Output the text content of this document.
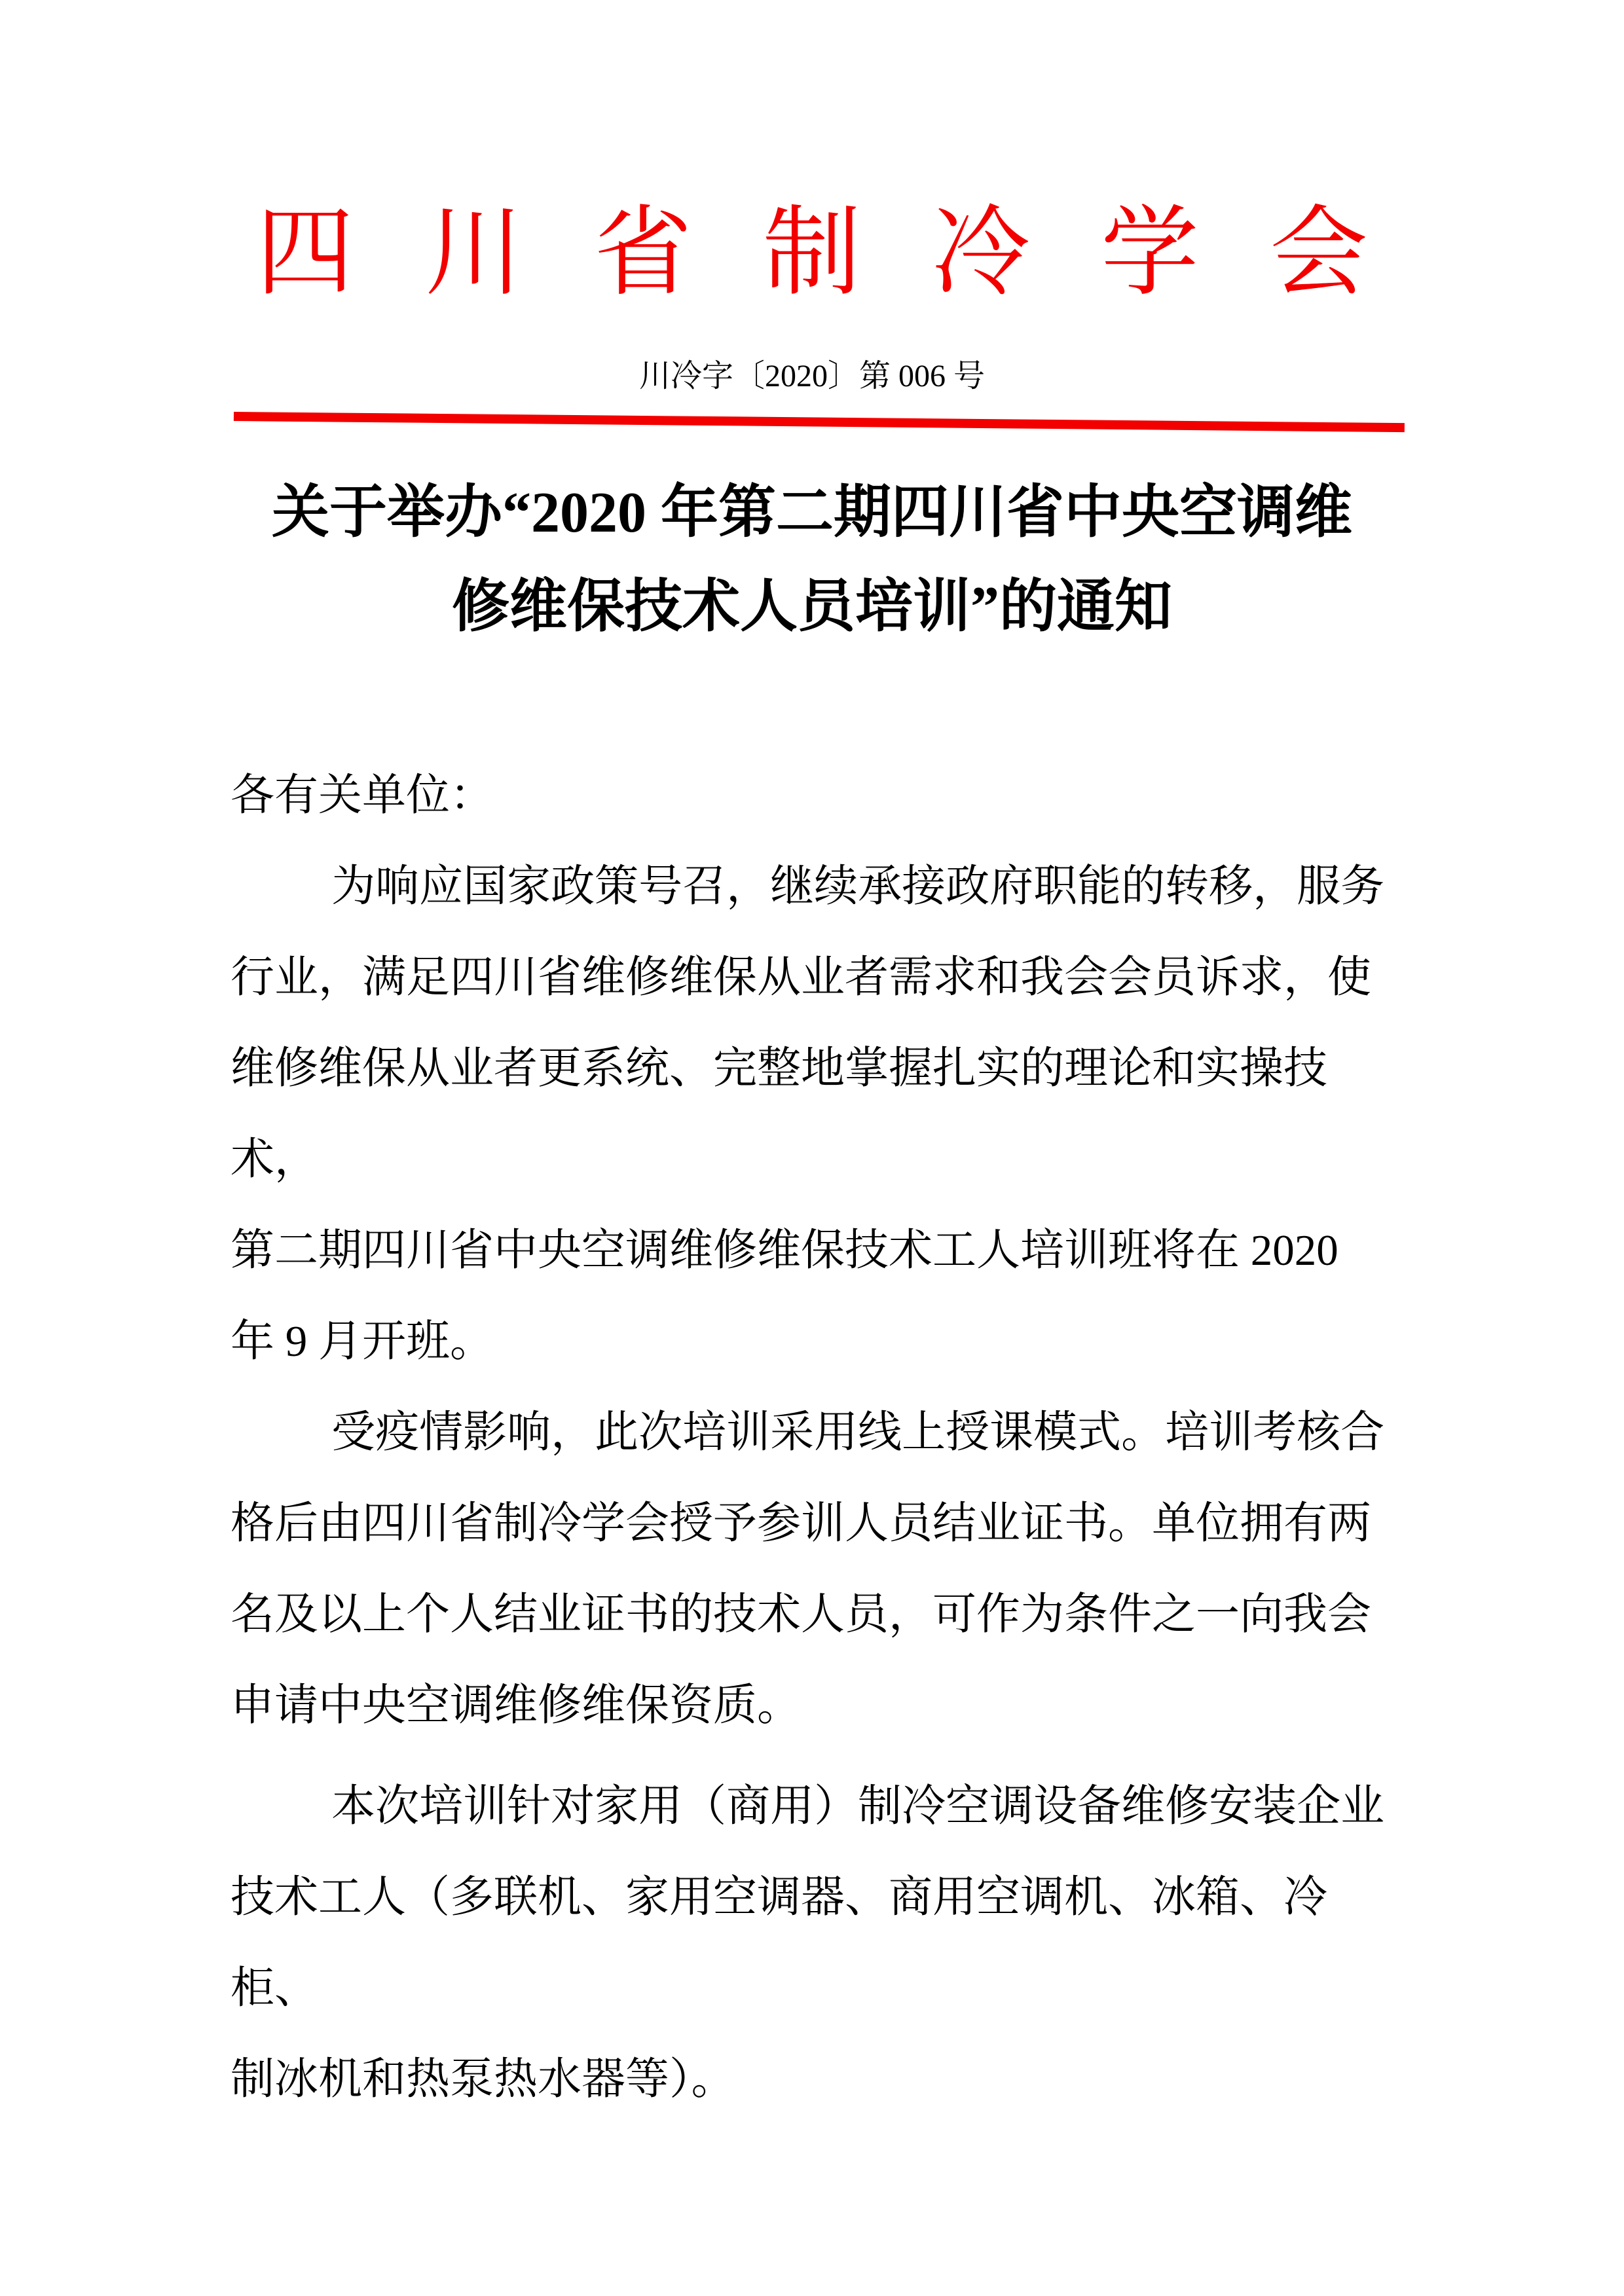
四川省制冷学会
川冷字〔2020〕第 006 号
关于举办“2020 年第二期四川省中央空调维
修维保技术人员培训”的通知
各有关单位：
为响应国家政策号召，继续承接政府职能的转移，服务
行业，满足四川省维修维保从业者需求和我会会员诉求，使
维修维保从业者更系统、完整地掌握扎实的理论和实操技术，
第二期四川省中央空调维修维保技术工人培训班将在 2020
年 9 月开班。
受疫情影响，此次培训采用线上授课模式。培训考核合
格后由四川省制冷学会授予参训人员结业证书。单位拥有两
名及以上个人结业证书的技术人员，可作为条件之一向我会
申请中央空调维修维保资质。
本次培训针对家用（商用）制冷空调设备维修安装企业
技术工人（多联机、家用空调器、商用空调机、冰箱、冷柜、
制冰机和热泵热水器等）。
